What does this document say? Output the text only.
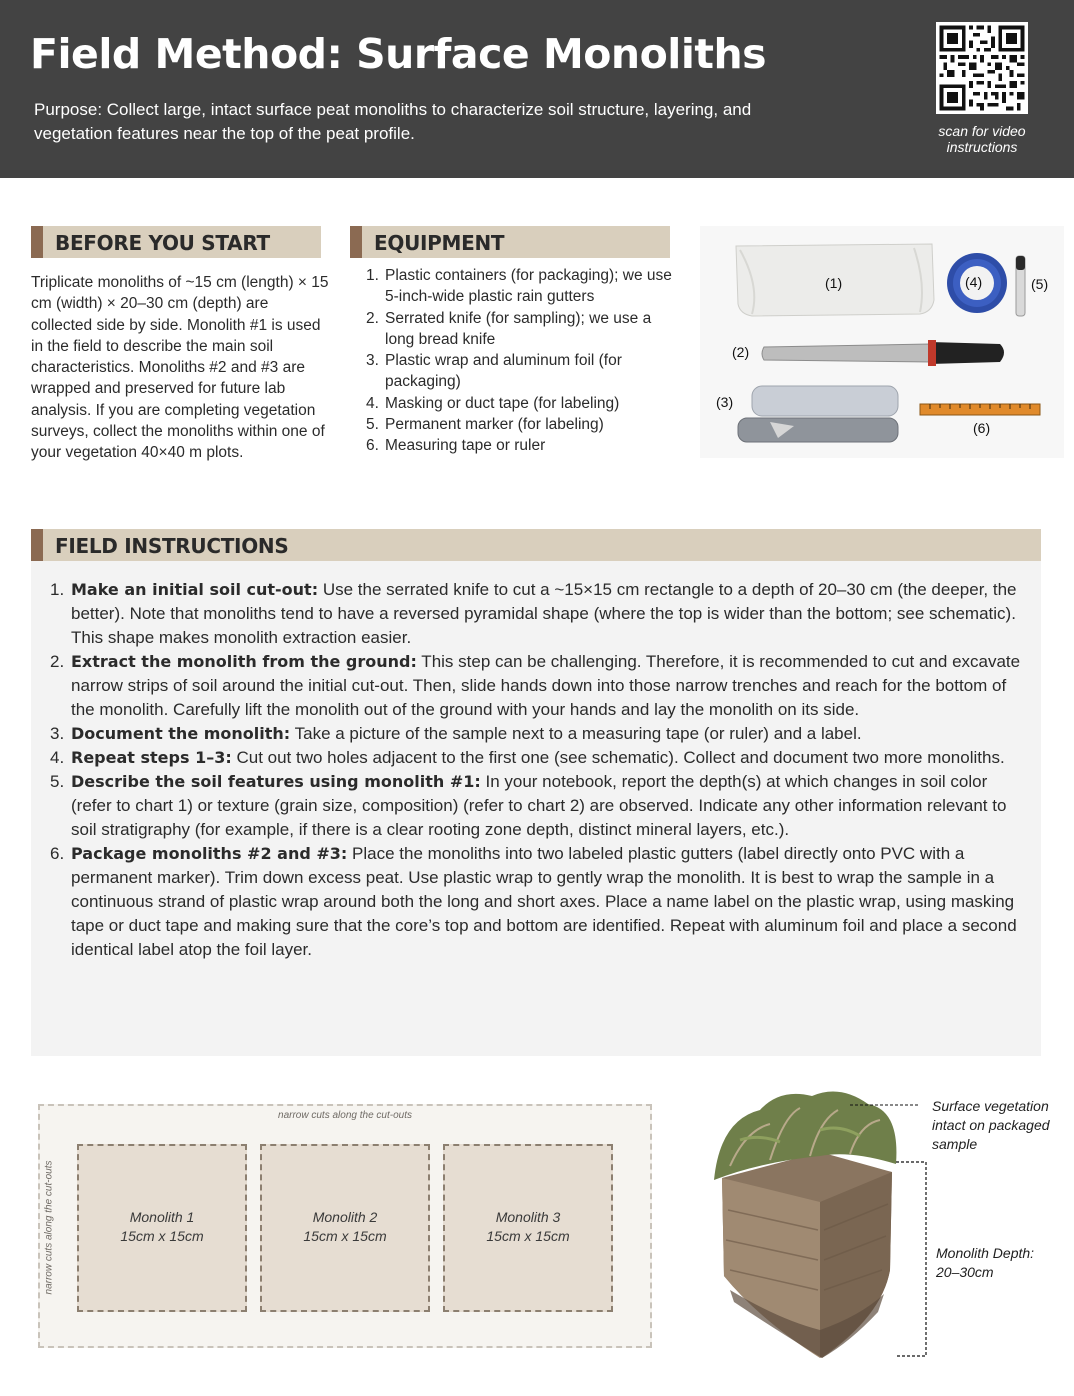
Field Method: Surface Monoliths
Purpose: Collect large, intact surface peat monoliths to characterize soil structure, layering, and vegetation features near the top of the peat profile.	scan for video instructions
BEFORE YOU START
Triplicate monoliths of ~15 cm (length) × 15 cm (width) × 20–30 cm (depth) are collected side by side. Monolith #1 is used in the field to describe the main soil characteristics. Monoliths #2 and #3 are wrapped and preserved for future lab analysis. If you are completing vegetation surveys, collect the monoliths within one of your vegetation 40×40 m plots.
EQUIPMENT
1. Plastic containers (for packaging); we use 5-inch-wide plastic rain gutters
2. Serrated knife (for sampling); we use a long bread knife
3. Plastic wrap and aluminum foil (for packaging)
4. Masking or duct tape (for labeling)
5. Permanent marker (for labeling)
6. Measuring tape or ruler
(1)
(2)
(3)
(4)	(5)
(6)
FIELD INSTRUCTIONS
1. Make an initial soil cut-out: Use the serrated knife to cut a ~15×15 cm rectangle to a depth of 20–30 cm (the deeper, the better). Note that monoliths tend to have a reversed pyramidal shape (where the top is wider than the bottom; see schematic). This shape makes monolith extraction easier.
2. Extract the monolith from the ground: This step can be challenging. Therefore, it is recommended to cut and excavate narrow strips of soil around the initial cut-out. Then, slide hands down into those narrow trenches and reach for the bottom of the monolith. Carefully lift the monolith out of the ground with your hands and lay the monolith on its side.
3. Document the monolith: Take a picture of the sample next to a measuring tape (or ruler) and a label.
4. Repeat steps 1–3: Cut out two holes adjacent to the first one (see schematic). Collect and document two more monoliths.
5. Describe the soil features using monolith #1: In your notebook, report the depth(s) at which changes in soil color (refer to chart 1) or texture (grain size, composition) (refer to chart 2) are observed. Indicate any other information relevant to soil stratigraphy (for example, if there is a clear rooting zone depth, distinct mineral layers, etc.).
6. Package monoliths #2 and #3: Place the monoliths into two labeled plastic gutters (label directly onto PVC with a permanent marker). Trim down excess peat. Use plastic wrap to gently wrap the monolith. It is best to wrap the sample in a continuous strand of plastic wrap around both the long and short axes. Place a name label on the plastic wrap, using masking tape or duct tape and making sure that the core’s top and bottom are identified. Repeat with aluminum foil and place a second identical label atop the foil layer.
narrow cuts along the cut-outs
narrow cuts along the cut-outs	Monolith 1
15cm x 15cm
Monolith 2
15cm x 15cm
Monolith 3
15cm x 15cm
Surface vegetation intact on packaged sample
Monolith Depth:
20–30cm
